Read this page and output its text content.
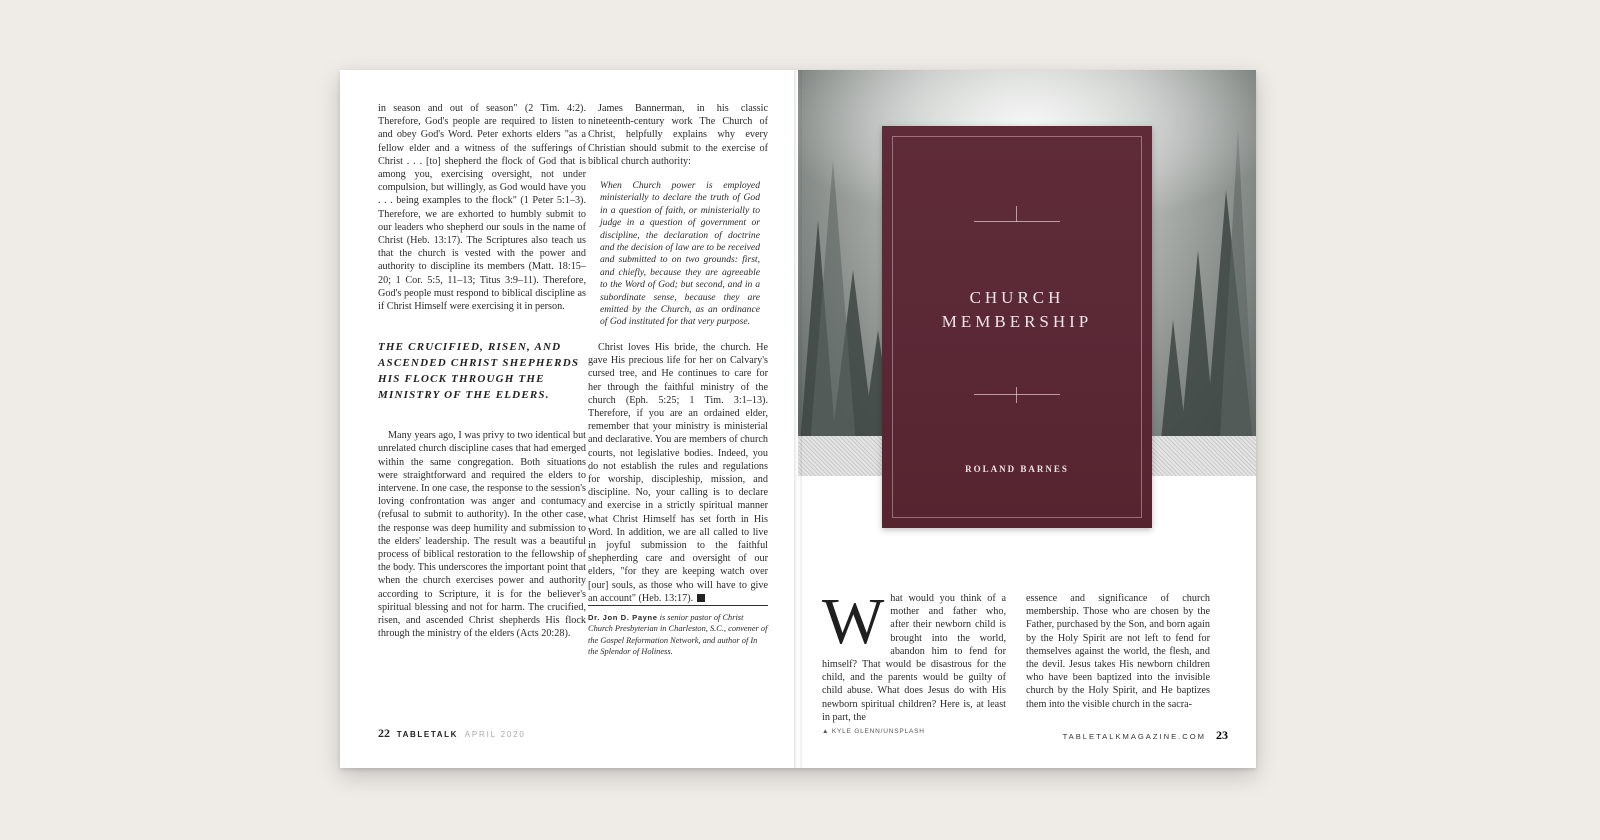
in season and out of season" (2 Tim. 4:2). Therefore, God's people are required to listen to and obey God's Word. Peter exhorts elders "as a fellow elder and a witness of the sufferings of Christ . . . [to] shepherd the flock of God that is among you, exercising oversight, not under compulsion, but willingly, as God would have you . . . being examples to the flock" (1 Peter 5:1–3). Therefore, we are exhorted to humbly submit to our leaders who shepherd our souls in the name of Christ (Heb. 13:17). The Scriptures also teach us that the church is vested with the power and authority to discipline its members (Matt. 18:15–20; 1 Cor. 5:5, 11–13; Titus 3:9–11). Therefore, God's people must respond to biblical discipline as if Christ Himself were exercising it in person.

THE CRUCIFIED, RISEN, AND ASCENDED CHRIST SHEPHERDS HIS FLOCK THROUGH THE MINISTRY OF THE ELDERS.

Many years ago, I was privy to two identical but unrelated church discipline cases that had emerged within the same congregation. Both situations were straightforward and required the elders to intervene. In one case, the response to the session's loving confrontation was anger and contumacy (refusal to submit to authority). In the other case, the response was deep humility and submission to the elders' leadership. The result was a beautiful process of biblical restoration to the fellowship of the body. This underscores the important point that when the church exercises power and authority according to Scripture, it is for the believer's spiritual blessing and not for harm. The crucified, risen, and ascended Christ shepherds His flock through the ministry of the elders (Acts 20:28).

James Bannerman, in his classic nineteenth-century work The Church of Christ, helpfully explains why every Christian should submit to the exercise of biblical church authority:

When Church power is employed ministerially to declare the truth of God in a question of faith, or ministerially to judge in a question of government or discipline, the declaration of doctrine and the decision of law are to be received and submitted to on two grounds: first, and chiefly, because they are agreeable to the Word of God; but second, and in a subordinate sense, because they are emitted by the Church, as an ordinance of God instituted for that very purpose.

Christ loves His bride, the church. He gave His precious life for her on Calvary's cursed tree, and He continues to care for her through the faithful ministry of the church (Eph. 5:25; 1 Tim. 3:1–13). Therefore, if you are an ordained elder, remember that your ministry is ministerial and declarative. You are members of church courts, not legislative bodies. Indeed, you do not establish the rules and regulations for worship, discipleship, mission, and discipline. No, your calling is to declare and exercise in a strictly spiritual manner what Christ Himself has set forth in His Word. In addition, we are all called to live in joyful submission to the faithful shepherding care and oversight of our elders, "for they are keeping watch over [our] souls, as those who will have to give an account" (Heb. 13:17).

Dr. Jon D. Payne is senior pastor of Christ Church Presbyterian in Charleston, S.C., convener of the Gospel Reformation Network, and author of In the Splendor of Holiness.

22 TABLETALK APRIL 2020
CHURCH
MEMBERSHIP
ROLAND BARNES
W hat would you think of a mother and father who, after their newborn child is brought into the world, abandon him to fend for himself? That would be disastrous for the child, and the parents would be guilty of child abuse. What does Jesus do with His newborn spiritual children? Here is, at least in part, the

essence and significance of church membership. Those who are chosen by the Father, purchased by the Son, and born again by the Holy Spirit are not left to fend for themselves against the world, the flesh, and the devil. Jesus takes His newborn children who have been baptized into the invisible church by the Holy Spirit, and He baptizes them into the visible church in the sacra-

▲ KYLE GLENN/UNSPLASH
TABLETALKMAGAZINE.COM 23
